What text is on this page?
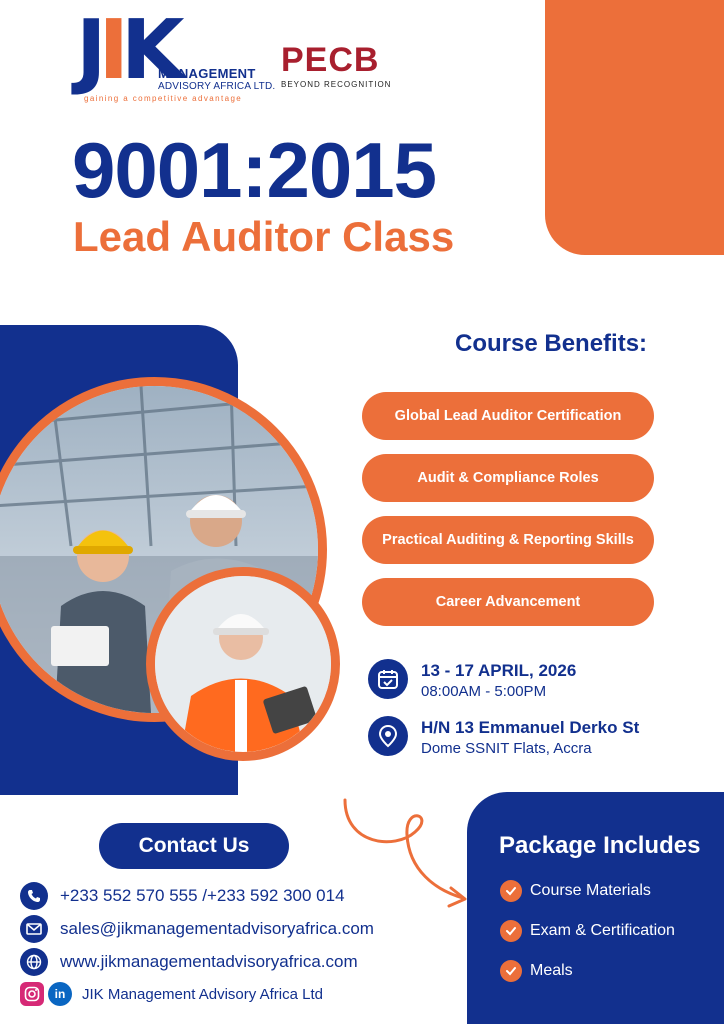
JIK
MANAGEMENT
ADVISORY AFRICA LTD.
gaining a competitive advantage
PECB
BEYOND RECOGNITION
9001:2015
Lead Auditor Class
Course Benefits:
Global Lead Auditor Certification
Audit & Compliance Roles
Practical Auditing & Reporting Skills
Career Advancement
13 - 17 APRIL, 2026
08:00AM - 5:00PM
H/N 13 Emmanuel Derko St
Dome SSNIT Flats, Accra
Contact Us
+233 552 570 555 /+233 592 300 014
sales@jikmanagementadvisoryafrica.com
www.jikmanagementadvisoryafrica.com
in	JIK Management Advisory Africa Ltd
Package Includes
Course Materials
Exam & Certification
Meals
